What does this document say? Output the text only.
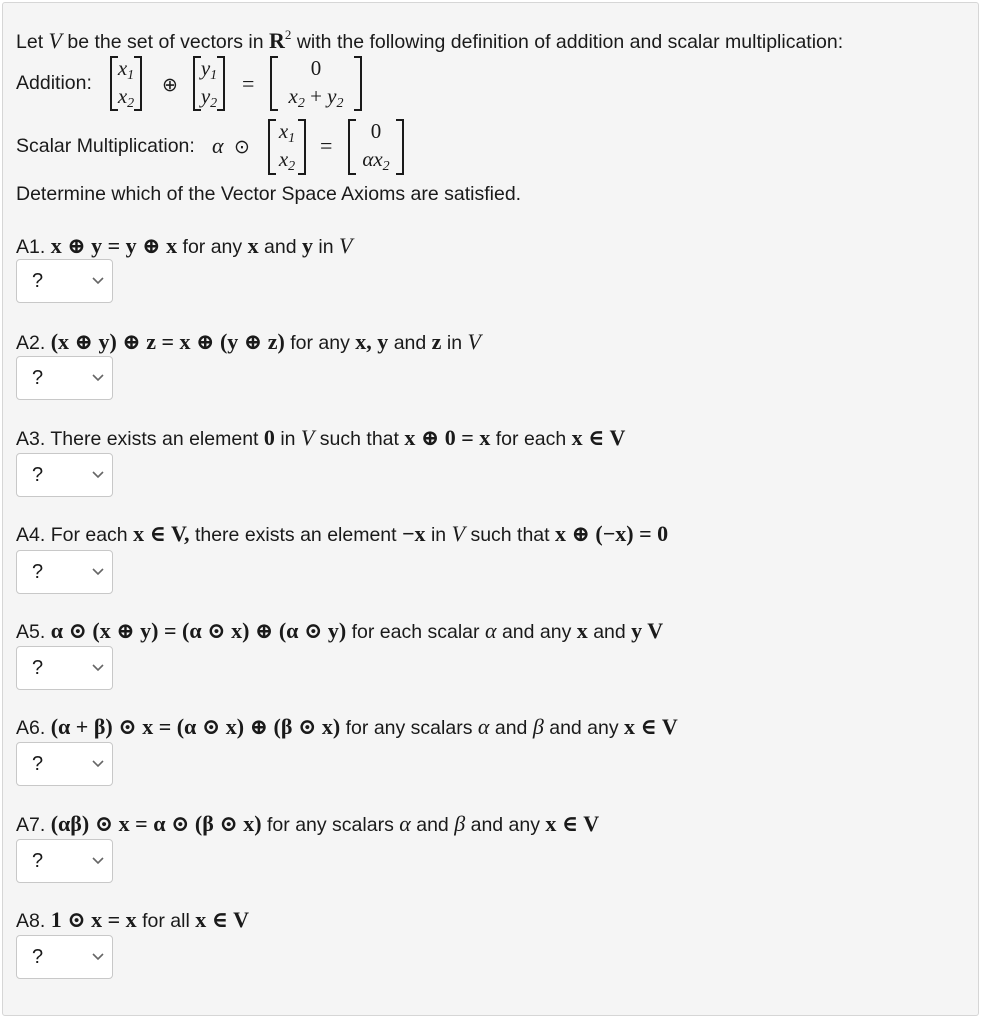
Let V be the set of vectors in $R^2$ with the following definition of addition and scalar multiplication:
Addition:
x1
x2
⊕
y1
y2
=
0
x2 + y2
Scalar Multiplication: α ⊙
x1
x2
=
0
αx2
Determine which of the Vector Space Axioms are satisfied.
A1. x ⊕ y = y ⊕ x for any x and y in V
?
A2. (x ⊕ y) ⊕ z = x ⊕ (y ⊕ z) for any x, y and z in V
?
A3. There exists an element 0 in V such that x ⊕ 0 = x for each x ∈ V
?
A4. For each x ∈ V, there exists an element −x in V such that x ⊕ (−x) = 0
?
A5. α ⊙ (x ⊕ y) = (α ⊙ x) ⊕ (α ⊙ y) for each scalar α and any x and y V
?
A6. (α + β) ⊙ x = (α ⊙ x) ⊕ (β ⊙ x) for any scalars α and β and any x ∈ V
?
A7. (αβ) ⊙ x = α ⊙ (β ⊙ x) for any scalars α and β and any x ∈ V
?
A8. 1 ⊙ x = x for all x ∈ V
?
